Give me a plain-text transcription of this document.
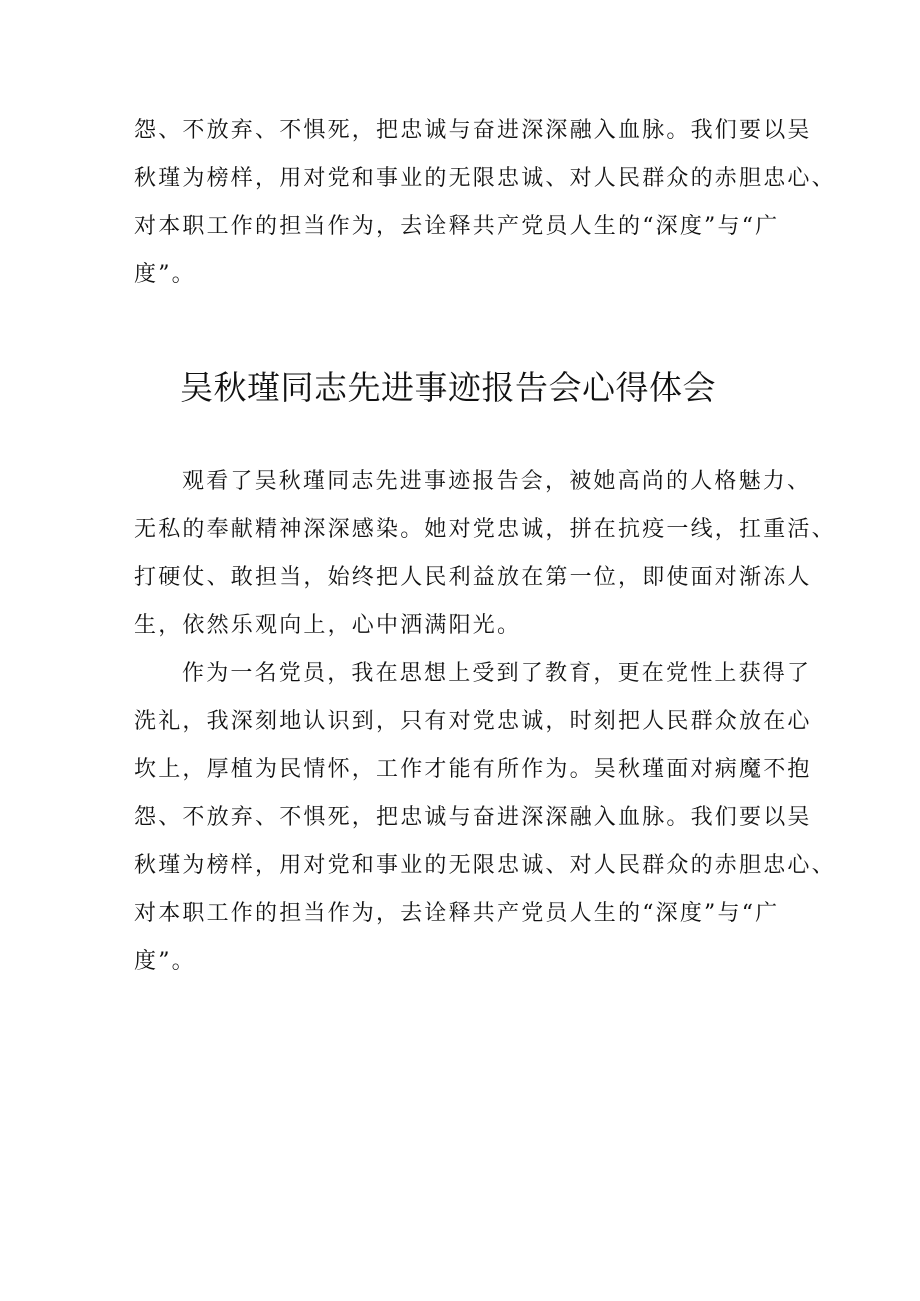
怨、不放弃、不惧死，把忠诚与奋进深深融入血脉。我们要以吴
秋瑾为榜样，用对党和事业的无限忠诚、对人民群众的赤胆忠心、
对本职工作的担当作为，去诠释共产党员人生的“深度”与“广
度”。
吴秋瑾同志先进事迹报告会心得体会
观看了吴秋瑾同志先进事迹报告会，被她高尚的人格魅力、
无私的奉献精神深深感染。她对党忠诚，拼在抗疫一线，扛重活、
打硬仗、敢担当，始终把人民利益放在第一位，即使面对渐冻人
生，依然乐观向上，心中洒满阳光。
作为一名党员，我在思想上受到了教育，更在党性上获得了
洗礼，我深刻地认识到，只有对党忠诚，时刻把人民群众放在心
坎上，厚植为民情怀，工作才能有所作为。吴秋瑾面对病魔不抱
怨、不放弃、不惧死，把忠诚与奋进深深融入血脉。我们要以吴
秋瑾为榜样，用对党和事业的无限忠诚、对人民群众的赤胆忠心、
对本职工作的担当作为，去诠释共产党员人生的“深度”与“广
度”。
